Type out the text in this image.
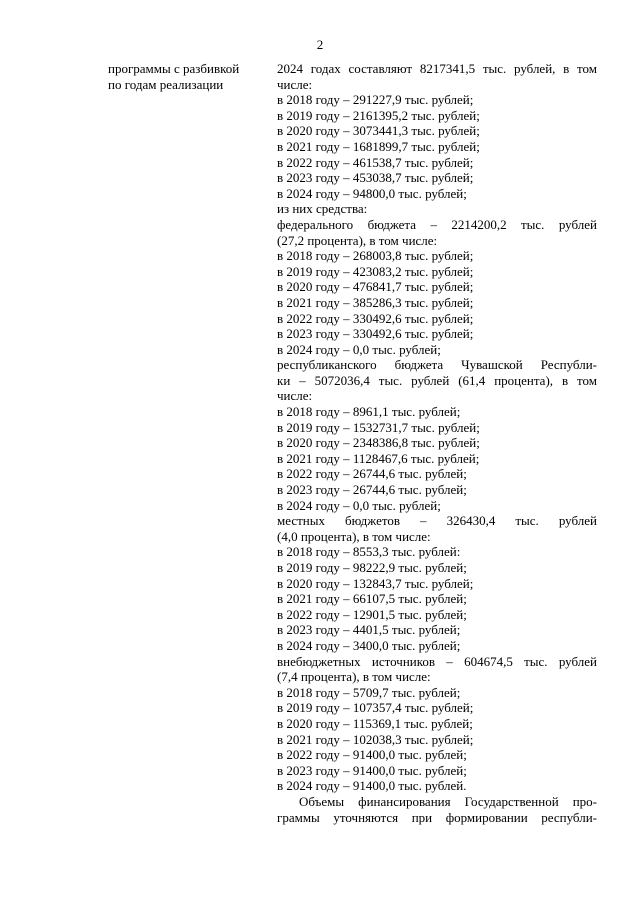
2
программы с разбивкой
по годам реализации
2024 годах составляют 8217341,5 тыс. рублей, в том
числе:
в 2018 году – 291227,9 тыс. рублей;
в 2019 году – 2161395,2 тыс. рублей;
в 2020 году – 3073441,3 тыс. рублей;
в 2021 году – 1681899,7 тыс. рублей;
в 2022 году – 461538,7 тыс. рублей;
в 2023 году – 453038,7 тыс. рублей;
в 2024 году – 94800,0 тыс. рублей;
из них средства:
федерального бюджета – 2214200,2 тыс. рублей
(27,2 процента), в том числе:
в 2018 году – 268003,8 тыс. рублей;
в 2019 году – 423083,2 тыс. рублей;
в 2020 году – 476841,7 тыс. рублей;
в 2021 году – 385286,3 тыс. рублей;
в 2022 году – 330492,6 тыс. рублей;
в 2023 году – 330492,6 тыс. рублей;
в 2024 году – 0,0 тыс. рублей;
республиканского бюджета Чувашской Республи-
ки – 5072036,4 тыс. рублей (61,4 процента), в том
числе:
в 2018 году – 8961,1 тыс. рублей;
в 2019 году – 1532731,7 тыс. рублей;
в 2020 году – 2348386,8 тыс. рублей;
в 2021 году – 1128467,6 тыс. рублей;
в 2022 году – 26744,6 тыс. рублей;
в 2023 году – 26744,6 тыс. рублей;
в 2024 году – 0,0 тыс. рублей;
местных бюджетов – 326430,4 тыс. рублей
(4,0 процента), в том числе:
в 2018 году – 8553,3 тыс. рублей:
в 2019 году – 98222,9 тыс. рублей;
в 2020 году – 132843,7 тыс. рублей;
в 2021 году – 66107,5 тыс. рублей;
в 2022 году – 12901,5 тыс. рублей;
в 2023 году – 4401,5 тыс. рублей;
в 2024 году – 3400,0 тыс. рублей;
внебюджетных источников – 604674,5 тыс. рублей
(7,4 процента), в том числе:
в 2018 году – 5709,7 тыс. рублей;
в 2019 году – 107357,4 тыс. рублей;
в 2020 году – 115369,1 тыс. рублей;
в 2021 году – 102038,3 тыс. рублей;
в 2022 году – 91400,0 тыс. рублей;
в 2023 году – 91400,0 тыс. рублей;
в 2024 году – 91400,0 тыс. рублей.
Объемы финансирования Государственной про-
граммы уточняются при формировании республи-
